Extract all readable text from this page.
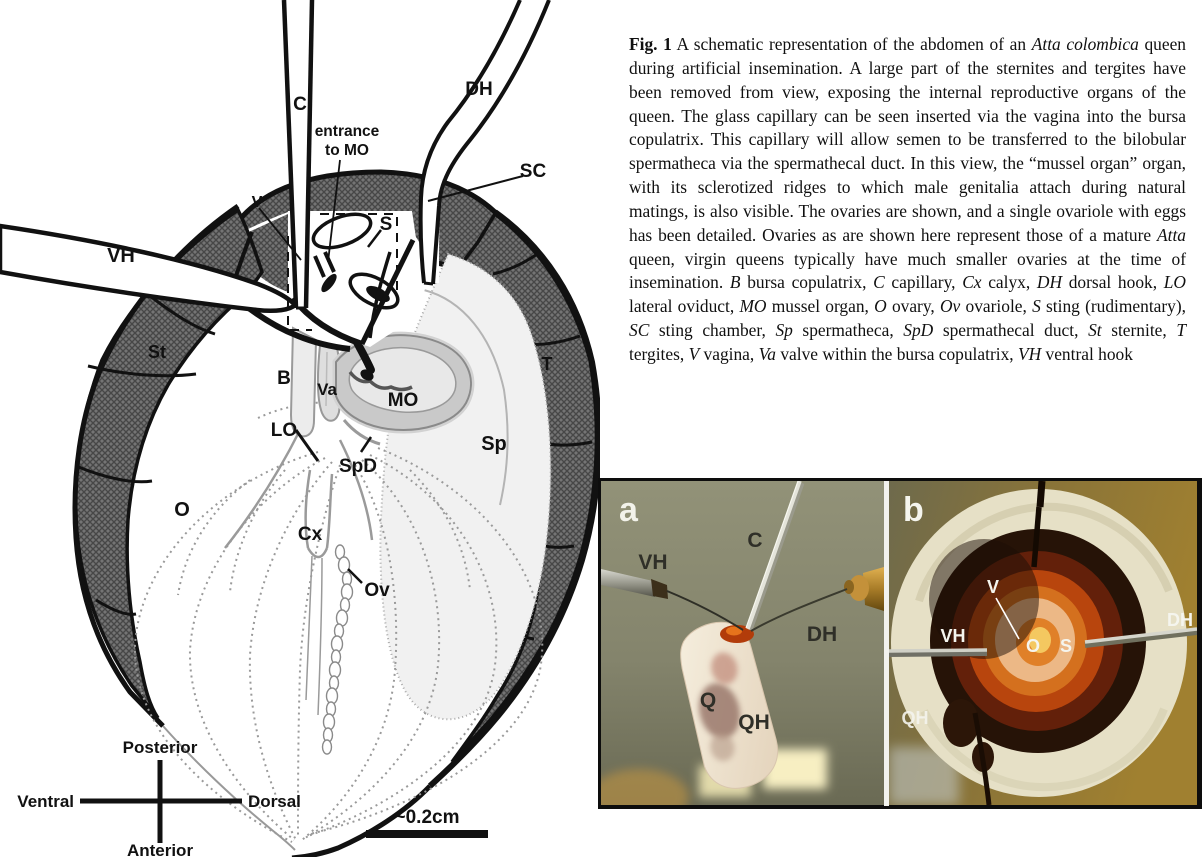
C
DH
entrance
to MO
SC
V
S
VH
St
T
B
Va
MO
LO
SpD
Sp
O
Cx
Ov
Posterior
Anterior
Ventral	Dorsal
~0.2cm
Fig. 1 A schematic representation of the abdomen of an Atta colombica queen during artificial insemination. A large part of the sternites and tergites have been removed from view, exposing the internal reproductive organs of the queen. The glass capillary can be seen inserted via the vagina into the bursa copulatrix. This capillary will allow semen to be transferred to the bilobular spermatheca via the spermathecal duct. In this view, the “mussel organ” organ, with its sclerotized ridges to which male genitalia attach during natural matings, is also visible. The ovaries are shown, and a single ovariole with eggs has been detailed. Ovaries as are shown here represent those of a mature Atta queen, virgin queens typically have much smaller ovaries at the time of insemination. B bursa copulatrix, C capillary, Cx calyx, DH dorsal hook, LO lateral oviduct, MO mussel organ, O ovary, Ov ovariole, S sting (rudimentary), SC sting chamber, Sp spermatheca, SpD spermathecal duct, St sternite, T tergites, V vagina, Va valve within the bursa copulatrix, VH ventral hook
VH
C
DH
Q
QH
a
V
VH
DH
O S
QH
b
